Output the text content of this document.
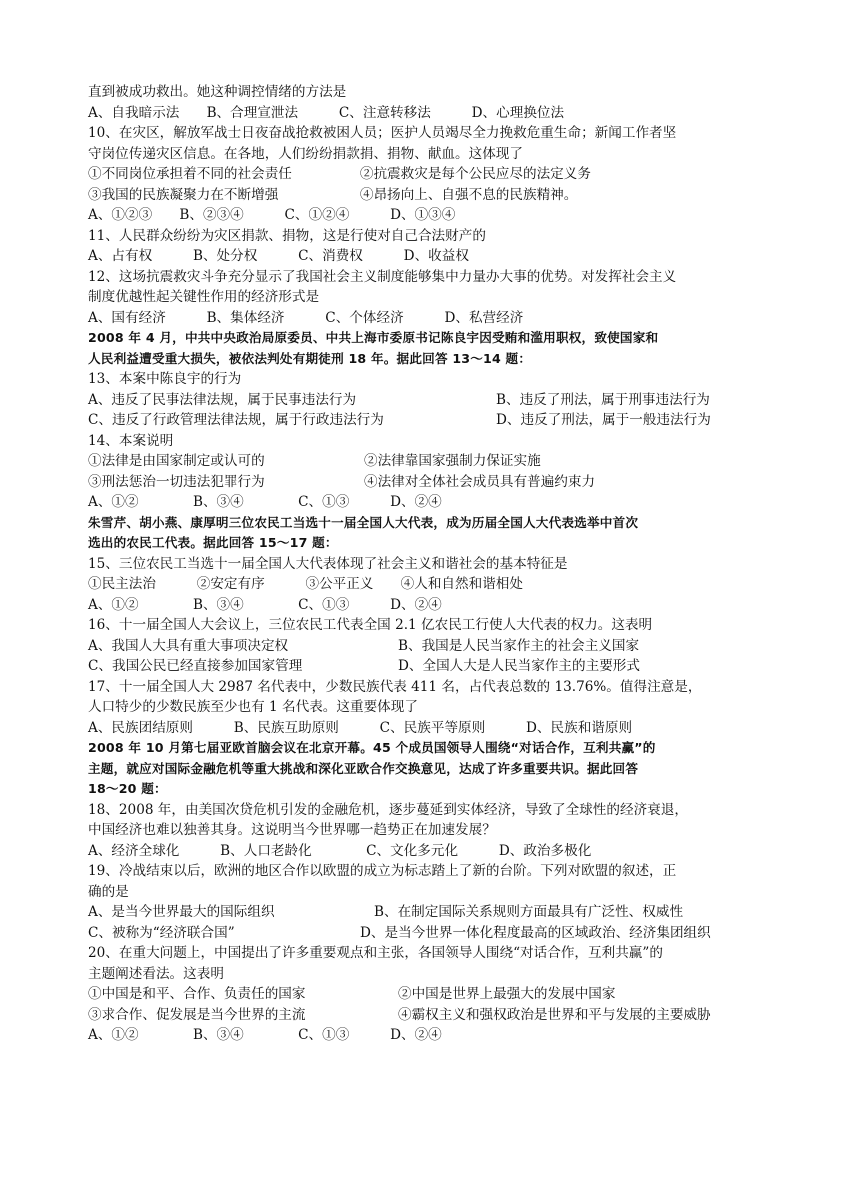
直到被成功救出。她这种调控情绪的方法是
A、自我暗示法　　B、合理宣泄法　　　C、注意转移法　　　D、心理换位法
10、在灾区，解放军战士日夜奋战抢救被困人员；医护人员竭尽全力挽救危重生命；新闻工作者坚
守岗位传递灾区信息。在各地，人们纷纷捐款捐、捐物、献血。这体现了
①不同岗位承担着不同的社会责任　　　　　②抗震救灾是每个公民应尽的法定义务
③我国的民族凝聚力在不断增强　　　　　　④昂扬向上、自强不息的民族精神。
A、①②③　　B、②③④　　　C、①②④　　　D、①③④
11、人民群众纷纷为灾区捐款、捐物，这是行使对自己合法财产的
A、占有权　　　B、处分权　　　C、消费权　　　D、收益权
12、这场抗震救灾斗争充分显示了我国社会主义制度能够集中力量办大事的优势。对发挥社会主义
制度优越性起关键性作用的经济形式是
A、国有经济　　　B、集体经济　　　C、个体经济　　　D、私营经济
2008 年 4 月，中共中央政治局原委员、中共上海市委原书记陈良宇因受贿和滥用职权，致使国家和
人民利益遭受重大损失，被依法判处有期徒刑 18 年。据此回答 13～14 题：
13、本案中陈良宇的行为
A、违反了民事法律法规，属于民事违法行为	B、违反了刑法，属于刑事违法行为
C、违反了行政管理法律法规，属于行政违法行为	D、违反了刑法，属于一般违法行为
14、本案说明
①法律是由国家制定或认可的	②法律靠国家强制力保证实施
③刑法惩治一切违法犯罪行为	④法律对全体社会成员具有普遍约束力
A、①②　　　　B、③④　　　　C、①③　　　D、②④
朱雪芹、胡小燕、康厚明三位农民工当选十一届全国人大代表，成为历届全国人大代表选举中首次
选出的农民工代表。据此回答 15～17 题：
15、三位农民工当选十一届全国人大代表体现了社会主义和谐社会的基本特征是
①民主法治　　　②安定有序　　　③公平正义　　④人和自然和谐相处
A、①②　　　　B、③④　　　　C、①③　　　D、②④
16、十一届全国人大会议上，三位农民工代表全国 2.1 亿农民工行使人大代表的权力。这表明
A、我国人大具有重大事项决定权	B、我国是人民当家作主的社会主义国家
C、我国公民已经直接参加国家管理	D、全国人大是人民当家作主的主要形式
17、十一届全国人大 2987 名代表中，少数民族代表 411 名，占代表总数的 13.76%。值得注意是，
人口特少的少数民族至少也有 1 名代表。这重要体现了
A、民族团结原则　　　B、民族互助原则　　　C、民族平等原则　　　D、民族和谐原则
2008 年 10 月第七届亚欧首脑会议在北京开幕。45 个成员国领导人围绕“对话合作，互利共赢”的
主题，就应对国际金融危机等重大挑战和深化亚欧合作交换意见，达成了许多重要共识。据此回答
18～20 题：
18、2008 年，由美国次贷危机引发的金融危机，逐步蔓延到实体经济，导致了全球性的经济衰退，
中国经济也难以独善其身。这说明当今世界哪一趋势正在加速发展？
A、经济全球化　　　B、人口老龄化　　　　C、文化多元化　　　D、政治多极化
19、冷战结束以后，欧洲的地区合作以欧盟的成立为标志踏上了新的台阶。下列对欧盟的叙述，正
确的是
A、是当今世界最大的国际组织	B、在制定国际关系规则方面最具有广泛性、权威性
C、被称为“经济联合国”	D、是当今世界一体化程度最高的区域政治、经济集团组织
20、在重大问题上，中国提出了许多重要观点和主张，各国领导人围绕“对话合作，互利共赢”的
主题阐述看法。这表明
①中国是和平、合作、负责任的国家	②中国是世界上最强大的发展中国家
③求合作、促发展是当今世界的主流	④霸权主义和强权政治是世界和平与发展的主要威胁
A、①②　　　　B、③④　　　　C、①③　　　D、②④
